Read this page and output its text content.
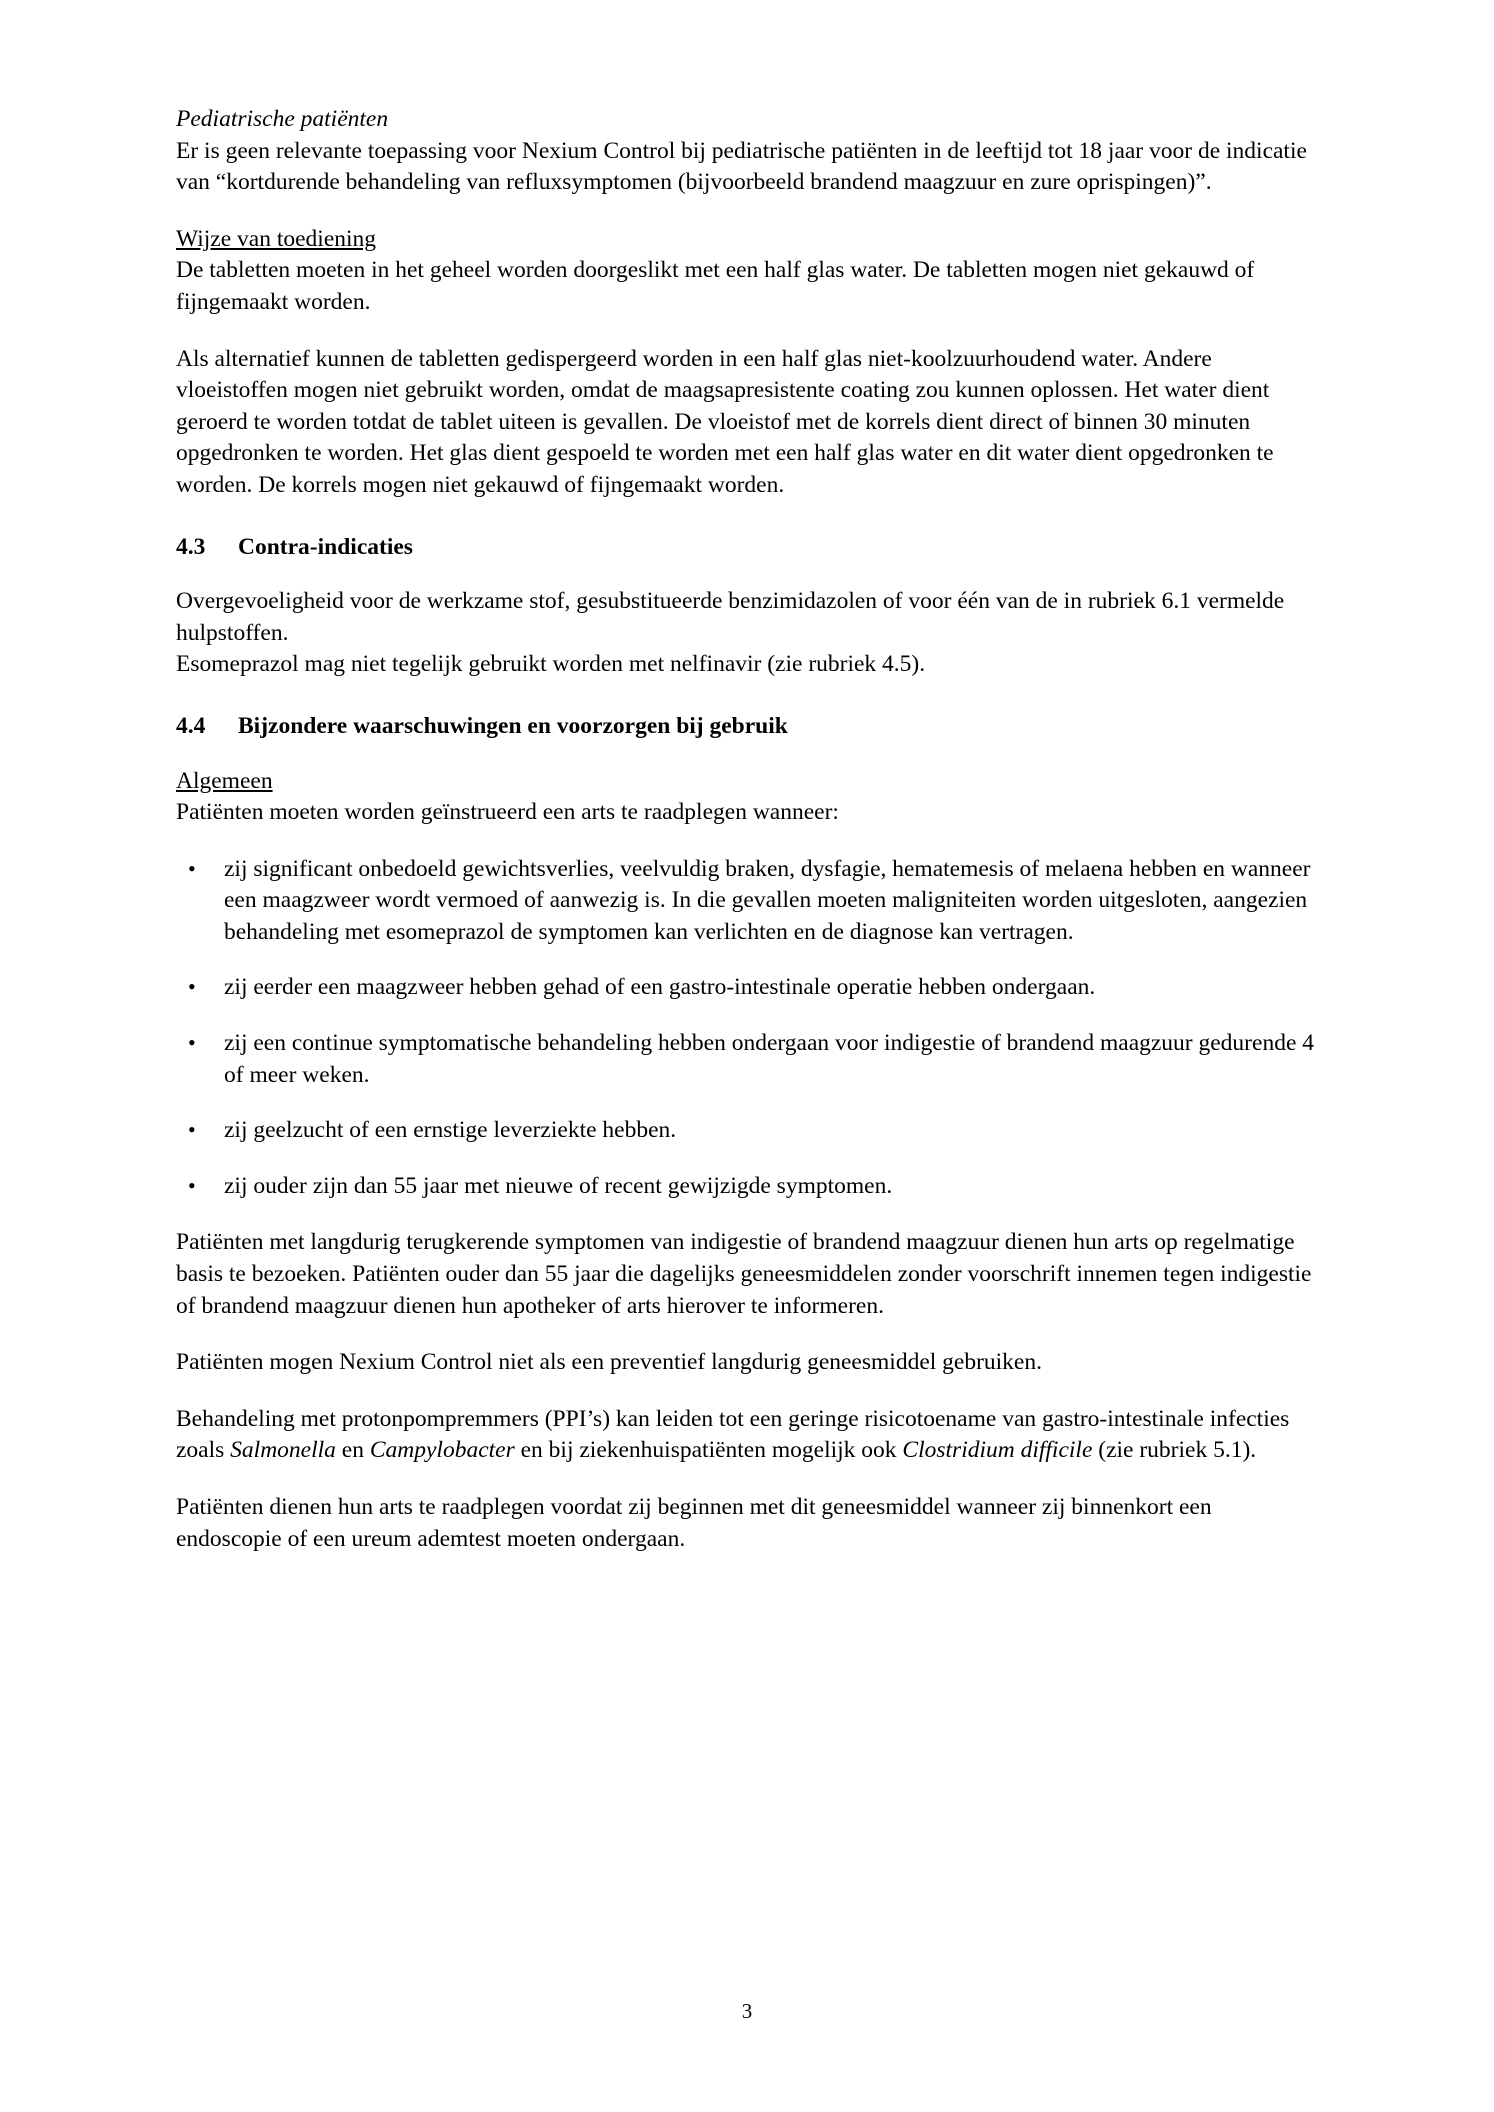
Pediatrische patiënten

Er is geen relevante toepassing voor Nexium Control bij pediatrische patiënten in de leeftijd tot 18 jaar voor de indicatie van “kortdurende behandeling van refluxsymptomen (bijvoorbeeld brandend maagzuur en zure oprispingen)”.

Wijze van toediening

De tabletten moeten in het geheel worden doorgeslikt met een half glas water. De tabletten mogen niet gekauwd of fijngemaakt worden.

Als alternatief kunnen de tabletten gedispergeerd worden in een half glas niet-koolzuurhoudend water. Andere vloeistoffen mogen niet gebruikt worden, omdat de maagsapresistente coating zou kunnen oplossen. Het water dient geroerd te worden totdat de tablet uiteen is gevallen. De vloeistof met de korrels dient direct of binnen 30 minuten opgedronken te worden. Het glas dient gespoeld te worden met een half glas water en dit water dient opgedronken te worden. De korrels mogen niet gekauwd of fijngemaakt worden.

4.3	Contra-indicaties

Overgevoeligheid voor de werkzame stof, gesubstitueerde benzimidazolen of voor één van de in rubriek 6.1 vermelde hulpstoffen.

Esomeprazol mag niet tegelijk gebruikt worden met nelfinavir (zie rubriek 4.5).

4.4	Bijzondere waarschuwingen en voorzorgen bij gebruik

Algemeen

Patiënten moeten worden geïnstrueerd een arts te raadplegen wanneer:

•	zij significant onbedoeld gewichtsverlies, veelvuldig braken, dysfagie, hematemesis of melaena hebben en wanneer een maagzweer wordt vermoed of aanwezig is. In die gevallen moeten maligniteiten worden uitgesloten, aangezien behandeling met esomeprazol de symptomen kan verlichten en de diagnose kan vertragen.
•	zij eerder een maagzweer hebben gehad of een gastro-intestinale operatie hebben ondergaan.
•	zij een continue symptomatische behandeling hebben ondergaan voor indigestie of brandend maagzuur gedurende 4 of meer weken.
•	zij geelzucht of een ernstige leverziekte hebben.
•	zij ouder zijn dan 55 jaar met nieuwe of recent gewijzigde symptomen.

Patiënten met langdurig terugkerende symptomen van indigestie of brandend maagzuur dienen hun arts op regelmatige basis te bezoeken. Patiënten ouder dan 55 jaar die dagelijks geneesmiddelen zonder voorschrift innemen tegen indigestie of brandend maagzuur dienen hun apotheker of arts hierover te informeren.

Patiënten mogen Nexium Control niet als een preventief langdurig geneesmiddel gebruiken.

Behandeling met protonpompremmers (PPI’s) kan leiden tot een geringe risicotoename van gastro-intestinale infecties zoals Salmonella en Campylobacter en bij ziekenhuispatiënten mogelijk ook Clostridium difficile (zie rubriek 5.1).

Patiënten dienen hun arts te raadplegen voordat zij beginnen met dit geneesmiddel wanneer zij binnenkort een endoscopie of een ureum ademtest moeten ondergaan.

3
